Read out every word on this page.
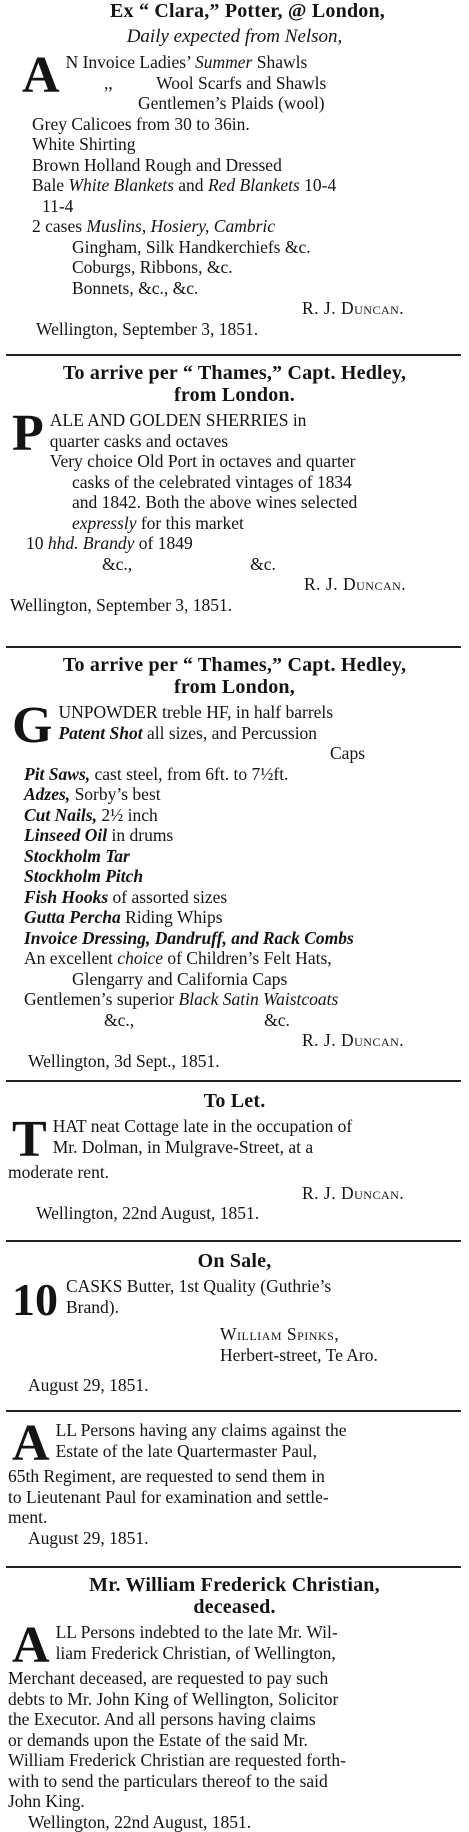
Ex “ Clara,” Potter, @ London,
Daily expected from Nelson,
A N Invoice Ladies’ Summer Shawls
,,          Wool Scarfs and Shawls
Gentlemen’s Plaids (wool)
Grey Calicoes from 30 to 36in.
White Shirting
Brown Holland Rough and Dressed
Bale White Blankets and Red Blankets 10-4
11-4
2 cases Muslins, Hosiery, Cambric
Gingham, Silk Handkerchiefs &c.
Coburgs, Ribbons, &c.
Bonnets, &c., &c.
R. J. Duncan.
Wellington, September 3, 1851.
To arrive per “ Thames,” Capt. Hedley,
from London.
P ALE AND GOLDEN SHERRIES in
quarter casks and octaves
Very choice Old Port in octaves and quarter
casks of the celebrated vintages of 1834
and 1842. Both the above wines selected
expressly for this market
10 hhd. Brandy of 1849
&c.,	&c.
R. J. Duncan.
Wellington, September 3, 1851.
To arrive per “ Thames,” Capt. Hedley,
from London,
G UNPOWDER treble HF, in half barrels
Patent Shot all sizes, and Percussion
Caps
Pit Saws, cast steel, from 6ft. to 7½ft.
Adzes, Sorby’s best
Cut Nails, 2½ inch
Linseed Oil in drums
Stockholm Tar
Stockholm Pitch
Fish Hooks of assorted sizes
Gutta Percha Riding Whips
Invoice Dressing, Dandruff, and Rack Combs
An excellent choice of Children’s Felt Hats,
Glengarry and California Caps
Gentlemen’s superior Black Satin Waistcoats
&c.,	&c.
R. J. Duncan.
Wellington, 3d Sept., 1851.
To Let.
T HAT neat Cottage late in the occupation of
Mr. Dolman, in Mulgrave-Street, at a
moderate rent.
R. J. Duncan.
Wellington, 22nd August, 1851.
On Sale,
10 CASKS Butter, 1st Quality (Guthrie’s
Brand).
William Spinks,
Herbert-street, Te Aro.
August 29, 1851.
A LL Persons having any claims against the
Estate of the late Quartermaster Paul,
65th Regiment, are requested to send them in
to Lieutenant Paul for examination and settle-
ment.
August 29, 1851.
Mr. William Frederick Christian,
deceased.
A LL Persons indebted to the late Mr. Wil-
liam Frederick Christian, of Wellington,
Merchant deceased, are requested to pay such
debts to Mr. John King of Wellington, Solicitor
the Executor. And all persons having claims
or demands upon the Estate of the said Mr.
William Frederick Christian are requested forth-
with to send the particulars thereof to the said
John King.
Wellington, 22nd August, 1851.
